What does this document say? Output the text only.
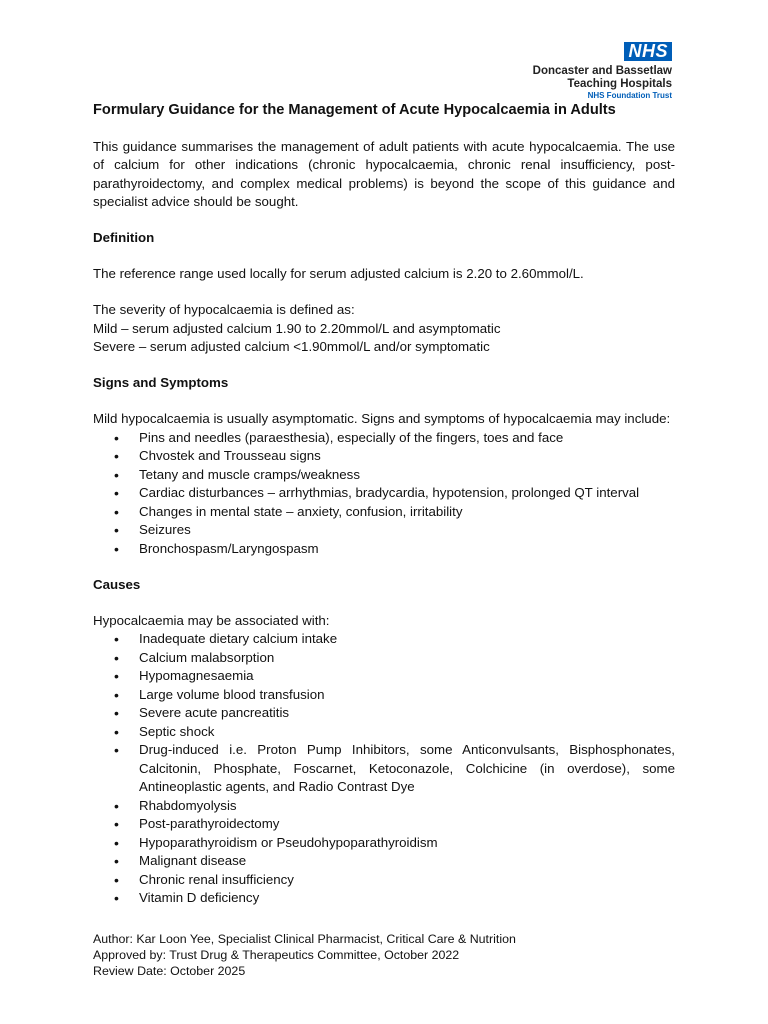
NHS
Doncaster and Bassetlaw
Teaching Hospitals
NHS Foundation Trust
Formulary Guidance for the Management of Acute Hypocalcaemia in Adults

This guidance summarises the management of adult patients with acute hypocalcaemia. The use of calcium for other indications (chronic hypocalcaemia, chronic renal insufficiency, post-parathyroidectomy, and complex medical problems) is beyond the scope of this guidance and specialist advice should be sought.

Definition

The reference range used locally for serum adjusted calcium is 2.20 to 2.60mmol/L.

The severity of hypocalcaemia is defined as:

Mild – serum adjusted calcium 1.90 to 2.20mmol/L and asymptomatic

Severe – serum adjusted calcium <1.90mmol/L and/or symptomatic

Signs and Symptoms

Mild hypocalcaemia is usually asymptomatic. Signs and symptoms of hypocalcaemia may include:

• Pins and needles (paraesthesia), especially of the fingers, toes and face
• Chvostek and Trousseau signs
• Tetany and muscle cramps/weakness
• Cardiac disturbances – arrhythmias, bradycardia, hypotension, prolonged QT interval
• Changes in mental state – anxiety, confusion, irritability
• Seizures
• Bronchospasm/Laryngospasm
Causes

Hypocalcaemia may be associated with:

• Inadequate dietary calcium intake
• Calcium malabsorption
• Hypomagnesaemia
• Large volume blood transfusion
• Severe acute pancreatitis
• Septic shock
• Drug-induced i.e. Proton Pump Inhibitors, some Anticonvulsants, Bisphosphonates, Calcitonin, Phosphate, Foscarnet, Ketoconazole, Colchicine (in overdose), some Antineoplastic agents, and Radio Contrast Dye
• Rhabdomyolysis
• Post-parathyroidectomy
• Hypoparathyroidism or Pseudohypoparathyroidism
• Malignant disease
• Chronic renal insufficiency
• Vitamin D deficiency
Author: Kar Loon Yee, Specialist Clinical Pharmacist, Critical Care & Nutrition
Approved by: Trust Drug & Therapeutics Committee, October 2022
Review Date: October 2025
